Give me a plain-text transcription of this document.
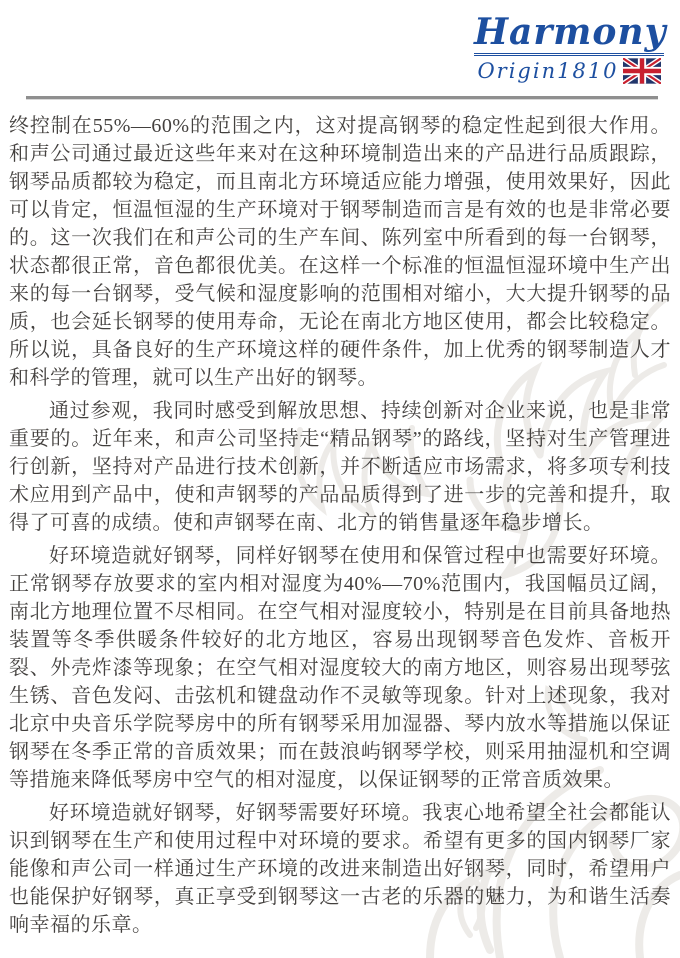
Harmony
Origin1810

终控制在55%—60%的范围之内，这对提高钢琴的稳定性起到很大作用。和声公司通过最近这些年来对在这种环境制造出来的产品进行品质跟踪，钢琴品质都较为稳定，而且南北方环境适应能力增强，使用效果好，因此可以肯定，恒温恒湿的生产环境对于钢琴制造而言是有效的也是非常必要的。这一次我们在和声公司的生产车间、陈列室中所看到的每一台钢琴，状态都很正常，音色都很优美。在这样一个标准的恒温恒湿环境中生产出来的每一台钢琴，受气候和湿度影响的范围相对缩小，大大提升钢琴的品质，也会延长钢琴的使用寿命，无论在南北方地区使用，都会比较稳定。所以说，具备良好的生产环境这样的硬件条件，加上优秀的钢琴制造人才和科学的管理，就可以生产出好的钢琴。

通过参观，我同时感受到解放思想、持续创新对企业来说，也是非常重要的。近年来，和声公司坚持走“精品钢琴”的路线，坚持对生产管理进行创新，坚持对产品进行技术创新，并不断适应市场需求，将多项专利技术应用到产品中，使和声钢琴的产品品质得到了进一步的完善和提升，取得了可喜的成绩。使和声钢琴在南、北方的销售量逐年稳步增长。

好环境造就好钢琴，同样好钢琴在使用和保管过程中也需要好环境。正常钢琴存放要求的室内相对湿度为40%—70%范围内，我国幅员辽阔，南北方地理位置不尽相同。在空气相对湿度较小，特别是在目前具备地热装置等冬季供暖条件较好的北方地区，容易出现钢琴音色发炸、音板开裂、外壳炸漆等现象；在空气相对湿度较大的南方地区，则容易出现琴弦生锈、音色发闷、击弦机和键盘动作不灵敏等现象。针对上述现象，我对北京中央音乐学院琴房中的所有钢琴采用加湿器、琴内放水等措施以保证钢琴在冬季正常的音质效果；而在鼓浪屿钢琴学校，则采用抽湿机和空调等措施来降低琴房中空气的相对湿度，以保证钢琴的正常音质效果。

好环境造就好钢琴，好钢琴需要好环境。我衷心地希望全社会都能认识到钢琴在生产和使用过程中对环境的要求。希望有更多的国内钢琴厂家能像和声公司一样通过生产环境的改进来制造出好钢琴，同时，希望用户也能保护好钢琴，真正享受到钢琴这一古老的乐器的魅力，为和谐生活奏响幸福的乐章。
